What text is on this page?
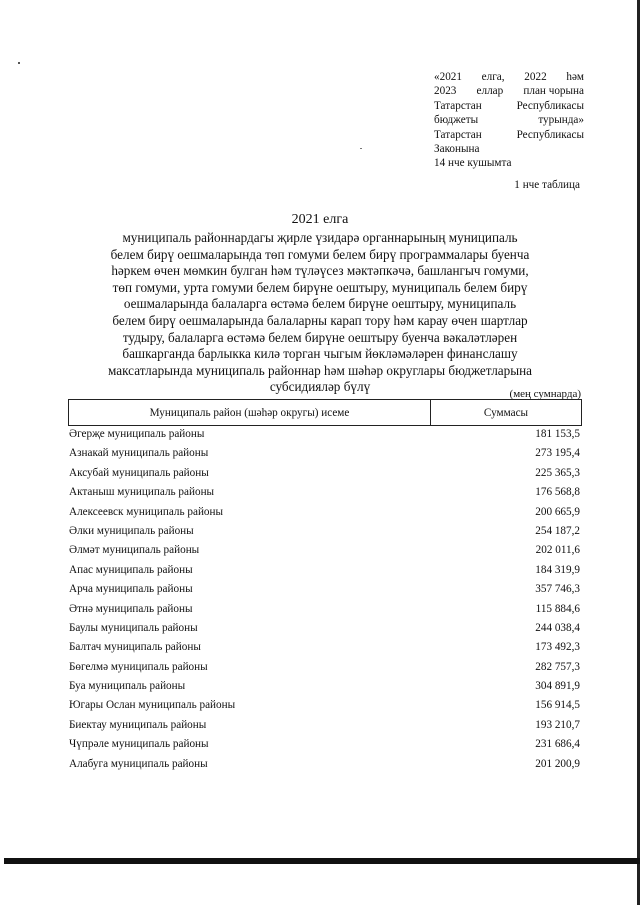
«2021 елга, 2022 һәм
2023 еллар план чорына
Татарстан	Республикасы
бюджеты	турында»
Татарстан	Республикасы
Законына
14 нче кушымта
1 нче таблица
2021 елга
муниципаль районнардагы җирле үзидарә органнарының муниципаль белем бирү оешмаларында төп гомуми белем бирү программалары буенча һәркем өчен мөмкин булган һәм түләүсез мәктәпкәчә, башлангыч гомуми, төп гомуми, урта гомуми белем бирүне оештыру, муниципаль белем бирү оешмаларында балаларга өстәмә белем бирүне оештыру, муниципаль белем бирү оешмаларында балаларны карап тору һәм карау өчен шартлар тудыру, балаларга өстәмә белем бирүне оештыру буенча вәкаләтләрен башкарганда барлыкка килә торган чыгым йөкләмәләрен финанслашу максатларында муниципаль районнар һәм шәһәр округлары бюджетларына субсидияләр бүлү	(мең сумнарда)
Муниципаль район (шәһәр округы) исеме	Суммасы
Әгерҗе муниципаль районы	181 153,5
Азнакай муниципаль районы	273 195,4
Аксубай муниципаль районы	225 365,3
Актаныш муниципаль районы	176 568,8
Алексеевск муниципаль районы	200 665,9
Әлки муниципаль районы	254 187,2
Әлмәт муниципаль районы	202 011,6
Апас муниципаль районы	184 319,9
Арча муниципаль районы	357 746,3
Әтнә муниципаль районы	115 884,6
Баулы муниципаль районы	244 038,4
Балтач муниципаль районы	173 492,3
Бөгелмә муниципаль районы	282 757,3
Буа муниципаль районы	304 891,9
Югары Ослан муниципаль районы	156 914,5
Биектау муниципаль районы	193 210,7
Чүпрәле муниципаль районы	231 686,4
Алабуга муниципаль районы	201 200,9
